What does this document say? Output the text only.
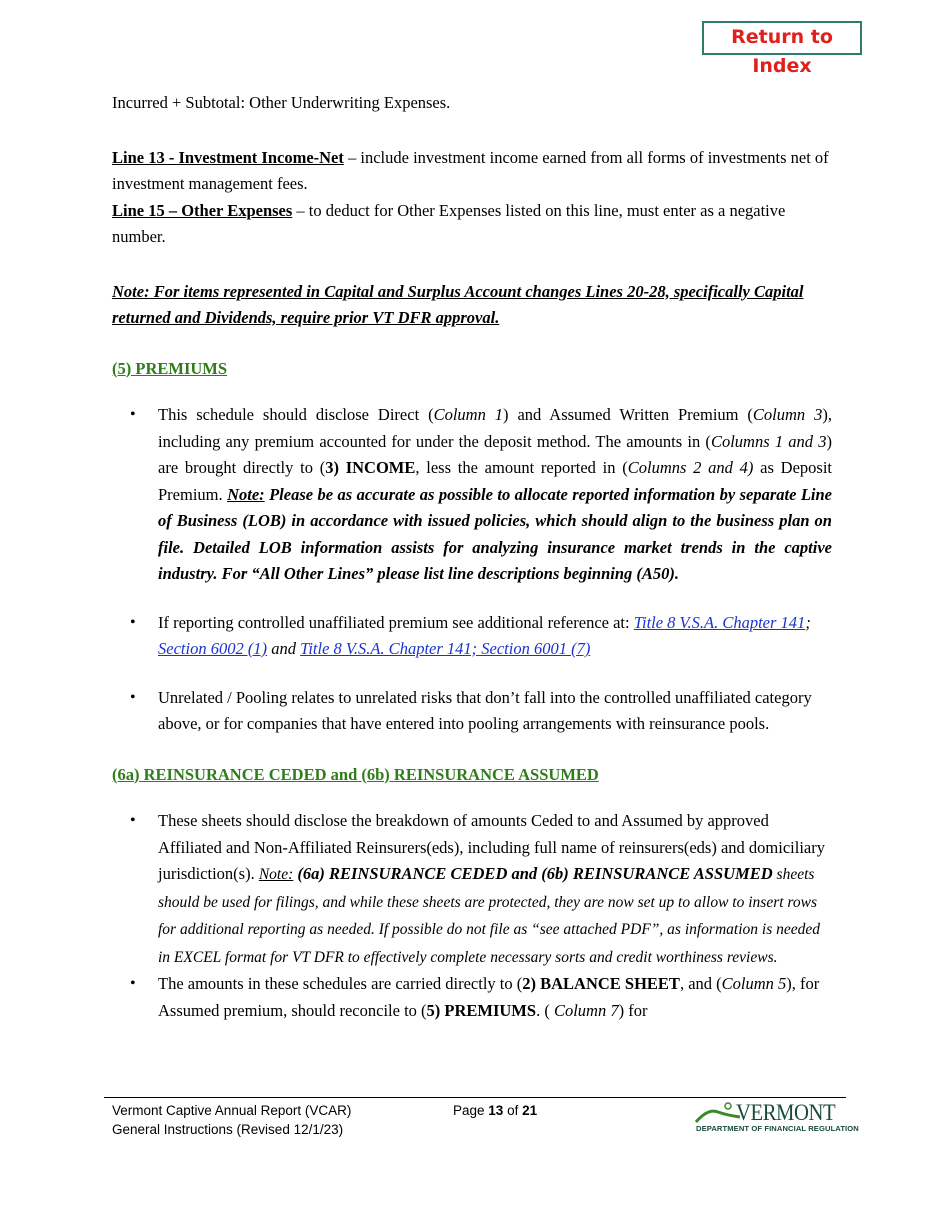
Return to Index

Incurred + Subtotal: Other Underwriting Expenses.

Line 13 - Investment Income-Net – include investment income earned from all forms of investments net of investment management fees.

Line 15 – Other Expenses – to deduct for Other Expenses listed on this line, must enter as a negative number.

Note: For items represented in Capital and Surplus Account changes Lines 20-28, specifically Capital returned and Dividends, require prior VT DFR approval.

(5) PREMIUMS

• This schedule should disclose Direct (Column 1) and Assumed Written Premium (Column 3), including any premium accounted for under the deposit method. The amounts in (Columns 1 and 3) are brought directly to (3) INCOME, less the amount reported in (Columns 2 and 4) as Deposit Premium. Note: Please be as accurate as possible to allocate reported information by separate Line of Business (LOB) in accordance with issued policies, which should align to the business plan on file. Detailed LOB information assists for analyzing insurance market trends in the captive industry. For “All Other Lines” please list line descriptions beginning (A50).
• If reporting controlled unaffiliated premium see additional reference at: Title 8 V.S.A. Chapter 141; Section 6002 (1) and Title 8 V.S.A. Chapter 141; Section 6001 (7)
• Unrelated / Pooling relates to unrelated risks that don’t fall into the controlled unaffiliated category above, or for companies that have entered into pooling arrangements with reinsurance pools.

(6a) REINSURANCE CEDED and (6b) REINSURANCE ASSUMED

• These sheets should disclose the breakdown of amounts Ceded to and Assumed by approved Affiliated and Non-Affiliated Reinsurers(eds), including full name of reinsurers(eds) and domiciliary jurisdiction(s). Note: (6a) REINSURANCE CEDED and (6b) REINSURANCE ASSUMED sheets should be used for filings, and while these sheets are protected, they are now set up to allow to insert rows for additional reporting as needed. If possible do not file as “see attached PDF”, as information is needed in EXCEL format for VT DFR to effectively complete necessary sorts and credit worthiness reviews.
• The amounts in these schedules are carried directly to (2) BALANCE SHEET, and (Column 5), for Assumed premium, should reconcile to (5) PREMIUMS. ( Column 7) for
Vermont Captive Annual Report (VCAR)
General Instructions (Revised 12/1/23)
Page 13 of 21	VERMONT
DEPARTMENT OF FINANCIAL REGULATION
